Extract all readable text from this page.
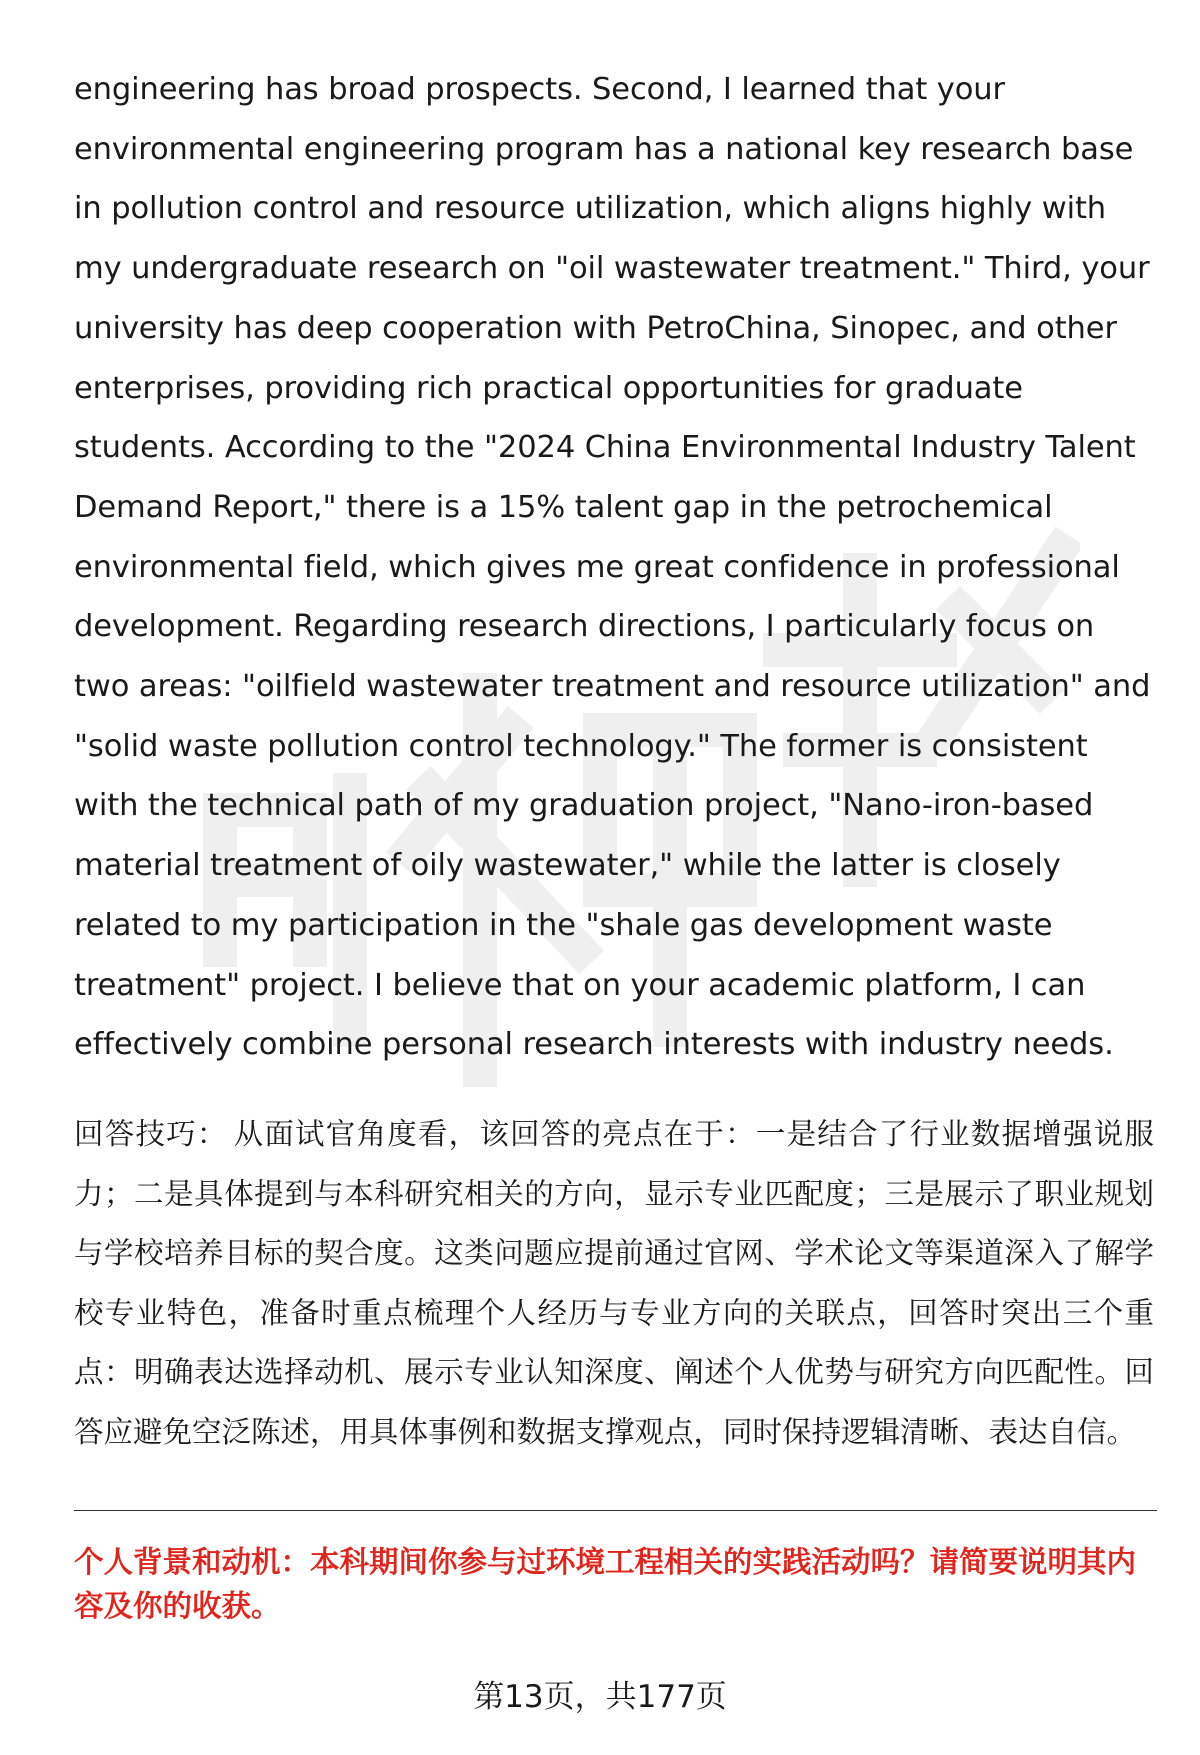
engineering has broad prospects. Second, I learned that your environmental engineering program has a national key research base in pollution control and resource utilization, which aligns highly with my undergraduate research on "oil wastewater treatment." Third, your university has deep cooperation with PetroChina, Sinopec, and other enterprises, providing rich practical opportunities for graduate students. According to the "2024 China Environmental Industry Talent Demand Report," there is a 15% talent gap in the petrochemical environmental field, which gives me great confidence in professional development. Regarding research directions, I particularly focus on two areas: "oilfield wastewater treatment and resource utilization" and "solid waste pollution control technology." The former is consistent with the technical path of my graduation project, "Nano-iron-based material treatment of oily wastewater," while the latter is closely related to my participation in the "shale gas development waste treatment" project. I believe that on your academic platform, I can effectively combine personal research interests with industry needs.
回答技巧： 从面试官角度看，该回答的亮点在于：一是结合了行业数据增强说服力；二是具体提到与本科研究相关的方向，显示专业匹配度；三是展示了职业规划与学校培养目标的契合度。这类问题应提前通过官网、学术论文等渠道深入了解学校专业特色，准备时重点梳理个人经历与专业方向的关联点，回答时突出三个重点：明确表达选择动机、展示专业认知深度、阐述个人优势与研究方向匹配性。回答应避免空泛陈述，用具体事例和数据支撑观点，同时保持逻辑清晰、表达自信。
个人背景和动机：本科期间你参与过环境工程相关的实践活动吗？请简要说明其内容及你的收获。
第13页，共177页
